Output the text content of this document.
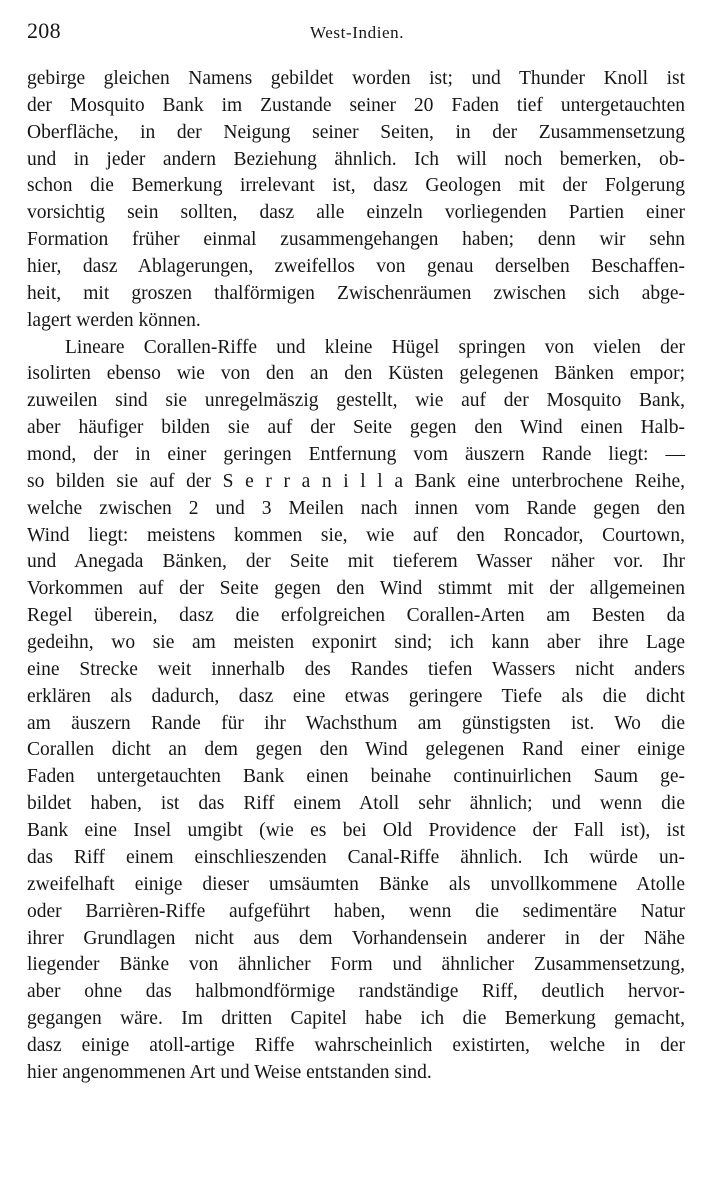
208	West-Indien.
gebirge gleichen Namens gebildet worden ist; und Thunder Knoll ist
der Mosquito Bank im Zustande seiner 20 Faden tief untergetauchten
Oberfläche, in der Neigung seiner Seiten, in der Zusammensetzung
und in jeder andern Beziehung ähnlich. Ich will noch bemerken, ob-
schon die Bemerkung irrelevant ist, dasz Geologen mit der Folgerung
vorsichtig sein sollten, dasz alle einzeln vorliegenden Partien einer
Formation früher einmal zusammengehangen haben; denn wir sehn
hier, dasz Ablagerungen, zweifellos von genau derselben Beschaffen-
heit, mit groszen thalförmigen Zwischenräumen zwischen sich abge-
lagert werden können.
Lineare Corallen-Riffe und kleine Hügel springen von vielen der
isolirten ebenso wie von den an den Küsten gelegenen Bänken empor;
zuweilen sind sie unregelmäszig gestellt, wie auf der Mosquito Bank,
aber häufiger bilden sie auf der Seite gegen den Wind einen Halb-
mond, der in einer geringen Entfernung vom äuszern Rande liegt: —
so bilden sie auf der S e r r a n i l l a Bank eine unterbrochene Reihe,
welche zwischen 2 und 3 Meilen nach innen vom Rande gegen den
Wind liegt: meistens kommen sie, wie auf den Roncador, Courtown,
und Anegada Bänken, der Seite mit tieferem Wasser näher vor. Ihr
Vorkommen auf der Seite gegen den Wind stimmt mit der allgemeinen
Regel überein, dasz die erfolgreichen Corallen-Arten am Besten da
gedeihn, wo sie am meisten exponirt sind; ich kann aber ihre Lage
eine Strecke weit innerhalb des Randes tiefen Wassers nicht anders
erklären als dadurch, dasz eine etwas geringere Tiefe als die dicht
am äuszern Rande für ihr Wachsthum am günstigsten ist. Wo die
Corallen dicht an dem gegen den Wind gelegenen Rand einer einige
Faden untergetauchten Bank einen beinahe continuirlichen Saum ge-
bildet haben, ist das Riff einem Atoll sehr ähnlich; und wenn die
Bank eine Insel umgibt (wie es bei Old Providence der Fall ist), ist
das Riff einem einschlieszenden Canal-Riffe ähnlich. Ich würde un-
zweifelhaft einige dieser umsäumten Bänke als unvollkommene Atolle
oder Barrièren-Riffe aufgeführt haben, wenn die sedimentäre Natur
ihrer Grundlagen nicht aus dem Vorhandensein anderer in der Nähe
liegender Bänke von ähnlicher Form und ähnlicher Zusammensetzung,
aber ohne das halbmondförmige randständige Riff, deutlich hervor-
gegangen wäre. Im dritten Capitel habe ich die Bemerkung gemacht,
dasz einige atoll-artige Riffe wahrscheinlich existirten, welche in der
hier angenommenen Art und Weise entstanden sind.
